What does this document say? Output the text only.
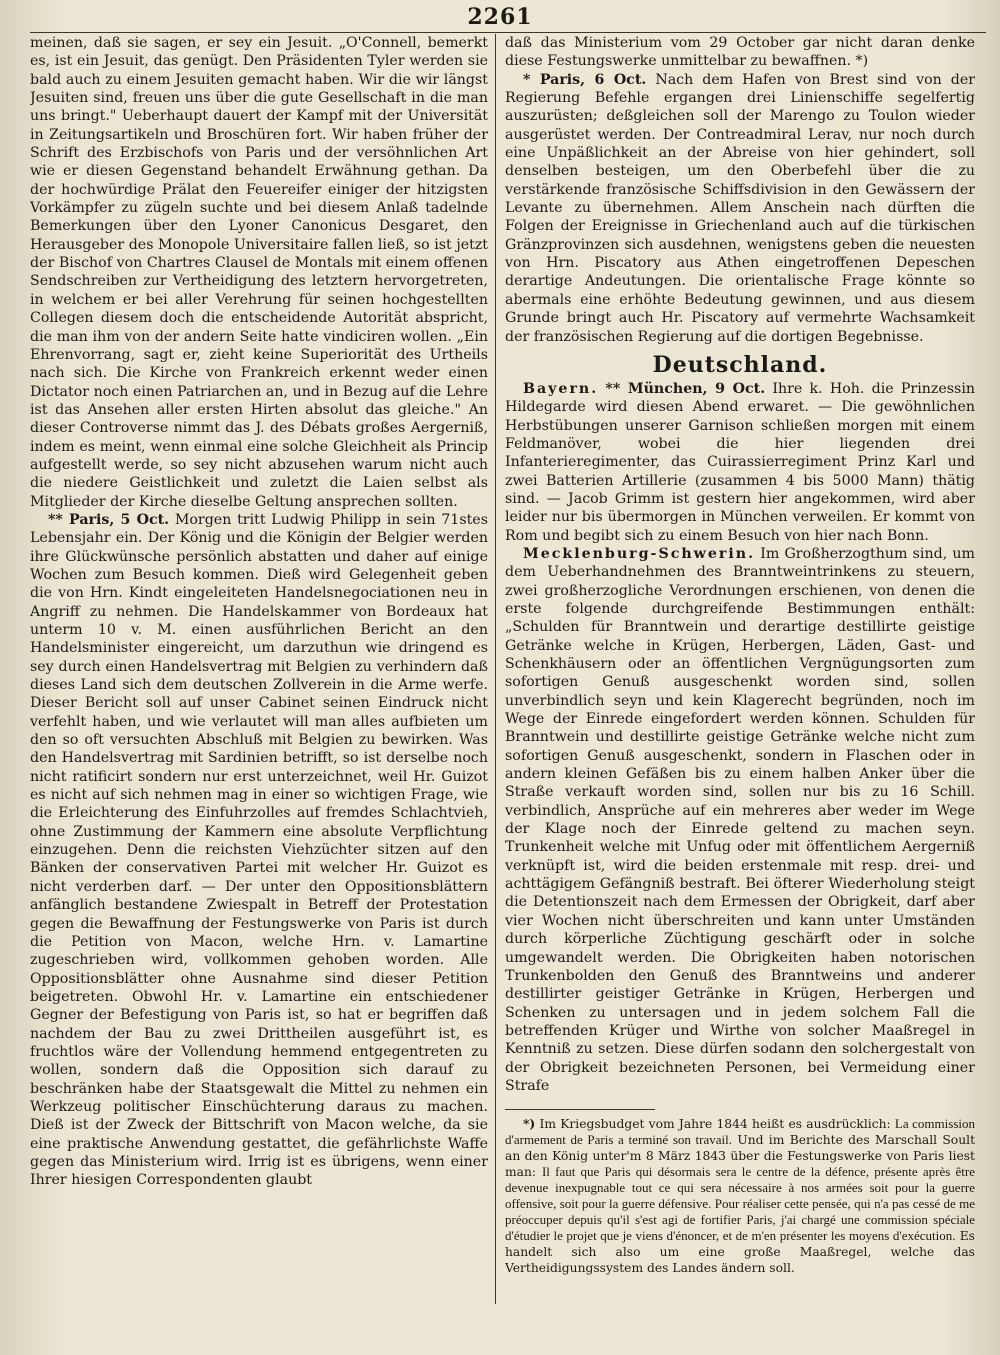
2261

meinen, daß sie sagen, er sey ein Jesuit. „O'Connell, bemerkt es, ist ein Jesuit, das genügt. Den Präsidenten Tyler werden sie bald auch zu einem Jesuiten gemacht haben. Wir die wir längst Jesuiten sind, freuen uns über die gute Gesellschaft in die man uns bringt." Ueberhaupt dauert der Kampf mit der Universität in Zeitungsartikeln und Broschüren fort. Wir haben früher der Schrift des Erzbischofs von Paris und der versöhnlichen Art wie er diesen Gegenstand behandelt Erwähnung gethan. Da der hochwürdige Prälat den Feuereifer einiger der hitzigsten Vorkämpfer zu zügeln suchte und bei diesem Anlaß tadelnde Bemerkungen über den Lyoner Canonicus Desgaret, den Herausgeber des Monopole Universitaire fallen ließ, so ist jetzt der Bischof von Chartres Clausel de Montals mit einem offenen Sendschreiben zur Vertheidigung des letztern hervorgetreten, in welchem er bei aller Verehrung für seinen hochgestellten Collegen diesem doch die entscheidende Autorität abspricht, die man ihm von der andern Seite hatte vindiciren wollen. „Ein Ehrenvorrang, sagt er, zieht keine Superiorität des Urtheils nach sich. Die Kirche von Frankreich erkennt weder einen Dictator noch einen Patriarchen an, und in Bezug auf die Lehre ist das Ansehen aller ersten Hirten absolut das gleiche." An dieser Controverse nimmt das J. des Débats großes Aergerniß, indem es meint, wenn einmal eine solche Gleichheit als Princip aufgestellt werde, so sey nicht abzusehen warum nicht auch die niedere Geistlichkeit und zuletzt die Laien selbst als Mitglieder der Kirche dieselbe Geltung ansprechen sollten.

** Paris, 5 Oct. Morgen tritt Ludwig Philipp in sein 71stes Lebensjahr ein. Der König und die Königin der Belgier werden ihre Glückwünsche persönlich abstatten und daher auf einige Wochen zum Besuch kommen. Dieß wird Gelegenheit geben die von Hrn. Kindt eingeleiteten Handelsnegociationen neu in Angriff zu nehmen. Die Handelskammer von Bordeaux hat unterm 10 v. M. einen ausführlichen Bericht an den Handelsminister eingereicht, um darzuthun wie dringend es sey durch einen Handelsvertrag mit Belgien zu verhindern daß dieses Land sich dem deutschen Zollverein in die Arme werfe. Dieser Bericht soll auf unser Cabinet seinen Eindruck nicht verfehlt haben, und wie verlautet will man alles aufbieten um den so oft versuchten Abschluß mit Belgien zu bewirken. Was den Handelsvertrag mit Sardinien betrifft, so ist derselbe noch nicht ratificirt sondern nur erst unterzeichnet, weil Hr. Guizot es nicht auf sich nehmen mag in einer so wichtigen Frage, wie die Erleichterung des Einfuhrzolles auf fremdes Schlachtvieh, ohne Zustimmung der Kammern eine absolute Verpflichtung einzugehen. Denn die reichsten Viehzüchter sitzen auf den Bänken der conservativen Partei mit welcher Hr. Guizot es nicht verderben darf. — Der unter den Oppositionsblättern anfänglich bestandene Zwiespalt in Betreff der Protestation gegen die Bewaffnung der Festungswerke von Paris ist durch die Petition von Macon, welche Hrn. v. Lamartine zugeschrieben wird, vollkommen gehoben worden. Alle Oppositionsblätter ohne Ausnahme sind dieser Petition beigetreten. Obwohl Hr. v. Lamartine ein entschiedener Gegner der Befestigung von Paris ist, so hat er begriffen daß nachdem der Bau zu zwei Drittheilen ausgeführt ist, es fruchtlos wäre der Vollendung hemmend entgegentreten zu wollen, sondern daß die Opposition sich darauf zu beschränken habe der Staatsgewalt die Mittel zu nehmen ein Werkzeug politischer Einschüchterung daraus zu machen. Dieß ist der Zweck der Bittschrift von Macon welche, da sie eine praktische Anwendung gestattet, die gefährlichste Waffe gegen das Ministerium wird. Irrig ist es übrigens, wenn einer Ihrer hiesigen Correspondenten glaubt

daß das Ministerium vom 29 October gar nicht daran denke diese Festungswerke unmittelbar zu bewaffnen. *)

* Paris, 6 Oct. Nach dem Hafen von Brest sind von der Regierung Befehle ergangen drei Linienschiffe segelfertig auszurüsten; deßgleichen soll der Marengo zu Toulon wieder ausgerüstet werden. Der Contreadmiral Lerav, nur noch durch eine Unpäßlichkeit an der Abreise von hier gehindert, soll denselben besteigen, um den Oberbefehl über die zu verstärkende französische Schiffsdivision in den Gewässern der Levante zu übernehmen. Allem Anschein nach dürften die Folgen der Ereignisse in Griechenland auch auf die türkischen Gränzprovinzen sich ausdehnen, wenigstens geben die neuesten von Hrn. Piscatory aus Athen eingetroffenen Depeschen derartige Andeutungen. Die orientalische Frage könnte so abermals eine erhöhte Bedeutung gewinnen, und aus diesem Grunde bringt auch Hr. Piscatory auf vermehrte Wachsamkeit der französischen Regierung auf die dortigen Begebnisse.

Deutschland.

Bayern. ** München, 9 Oct. Ihre k. Hoh. die Prinzessin Hildegarde wird diesen Abend erwaret. — Die gewöhnlichen Herbstübungen unserer Garnison schließen morgen mit einem Feldmanöver, wobei die hier liegenden drei Infanterieregimenter, das Cuirassierregiment Prinz Karl und zwei Batterien Artillerie (zusammen 4 bis 5000 Mann) thätig sind. — Jacob Grimm ist gestern hier angekommen, wird aber leider nur bis übermorgen in München verweilen. Er kommt von Rom und begibt sich zu einem Besuch von hier nach Bonn.

Mecklenburg-Schwerin. Im Großherzogthum sind, um dem Ueberhandnehmen des Branntweintrinkens zu steuern, zwei großherzogliche Verordnungen erschienen, von denen die erste folgende durchgreifende Bestimmungen enthält: „Schulden für Branntwein und derartige destillirte geistige Getränke welche in Krügen, Herbergen, Läden, Gast- und Schenkhäusern oder an öffentlichen Vergnügungsorten zum sofortigen Genuß ausgeschenkt worden sind, sollen unverbindlich seyn und kein Klagerecht begründen, noch im Wege der Einrede eingefordert werden können. Schulden für Branntwein und destillirte geistige Getränke welche nicht zum sofortigen Genuß ausgeschenkt, sondern in Flaschen oder in andern kleinen Gefäßen bis zu einem halben Anker über die Straße verkauft worden sind, sollen nur bis zu 16 Schill. verbindlich, Ansprüche auf ein mehreres aber weder im Wege der Klage noch der Einrede geltend zu machen seyn. Trunkenheit welche mit Unfug oder mit öffentlichem Aergerniß verknüpft ist, wird die beiden erstenmale mit resp. drei- und achttägigem Gefängniß bestraft. Bei öfterer Wiederholung steigt die Detentionszeit nach dem Ermessen der Obrigkeit, darf aber vier Wochen nicht überschreiten und kann unter Umständen durch körperliche Züchtigung geschärft oder in solche umgewandelt werden. Die Obrigkeiten haben notorischen Trunkenbolden den Genuß des Branntweins und anderer destillirter geistiger Getränke in Krügen, Herbergen und Schenken zu untersagen und in jedem solchem Fall die betreffenden Krüger und Wirthe von solcher Maaßregel in Kenntniß zu setzen. Diese dürfen sodann den solchergestalt von der Obrigkeit bezeichneten Personen, bei Vermeidung einer Strafe

*) Im Kriegsbudget vom Jahre 1844 heißt es ausdrücklich: La commission d'armement de Paris a terminé son travail. Und im Berichte des Marschall Soult an den König unter'm 8 März 1843 über die Festungswerke von Paris liest man: Il faut que Paris qui désormais sera le centre de la défence, présente après être devenue inexpugnable tout ce qui sera nécessaire à nos armées soit pour la guerre offensive, soit pour la guerre défensive. Pour réaliser cette pensée, qui n'a pas cessé de me préoccuper depuis qu'il s'est agi de fortifier Paris, j'ai chargé une commission spéciale d'étudier le projet que je viens d'énoncer, et de m'en présenter les moyens d'exécution. Es handelt sich also um eine große Maaßregel, welche das Vertheidigungssystem des Landes ändern soll.
